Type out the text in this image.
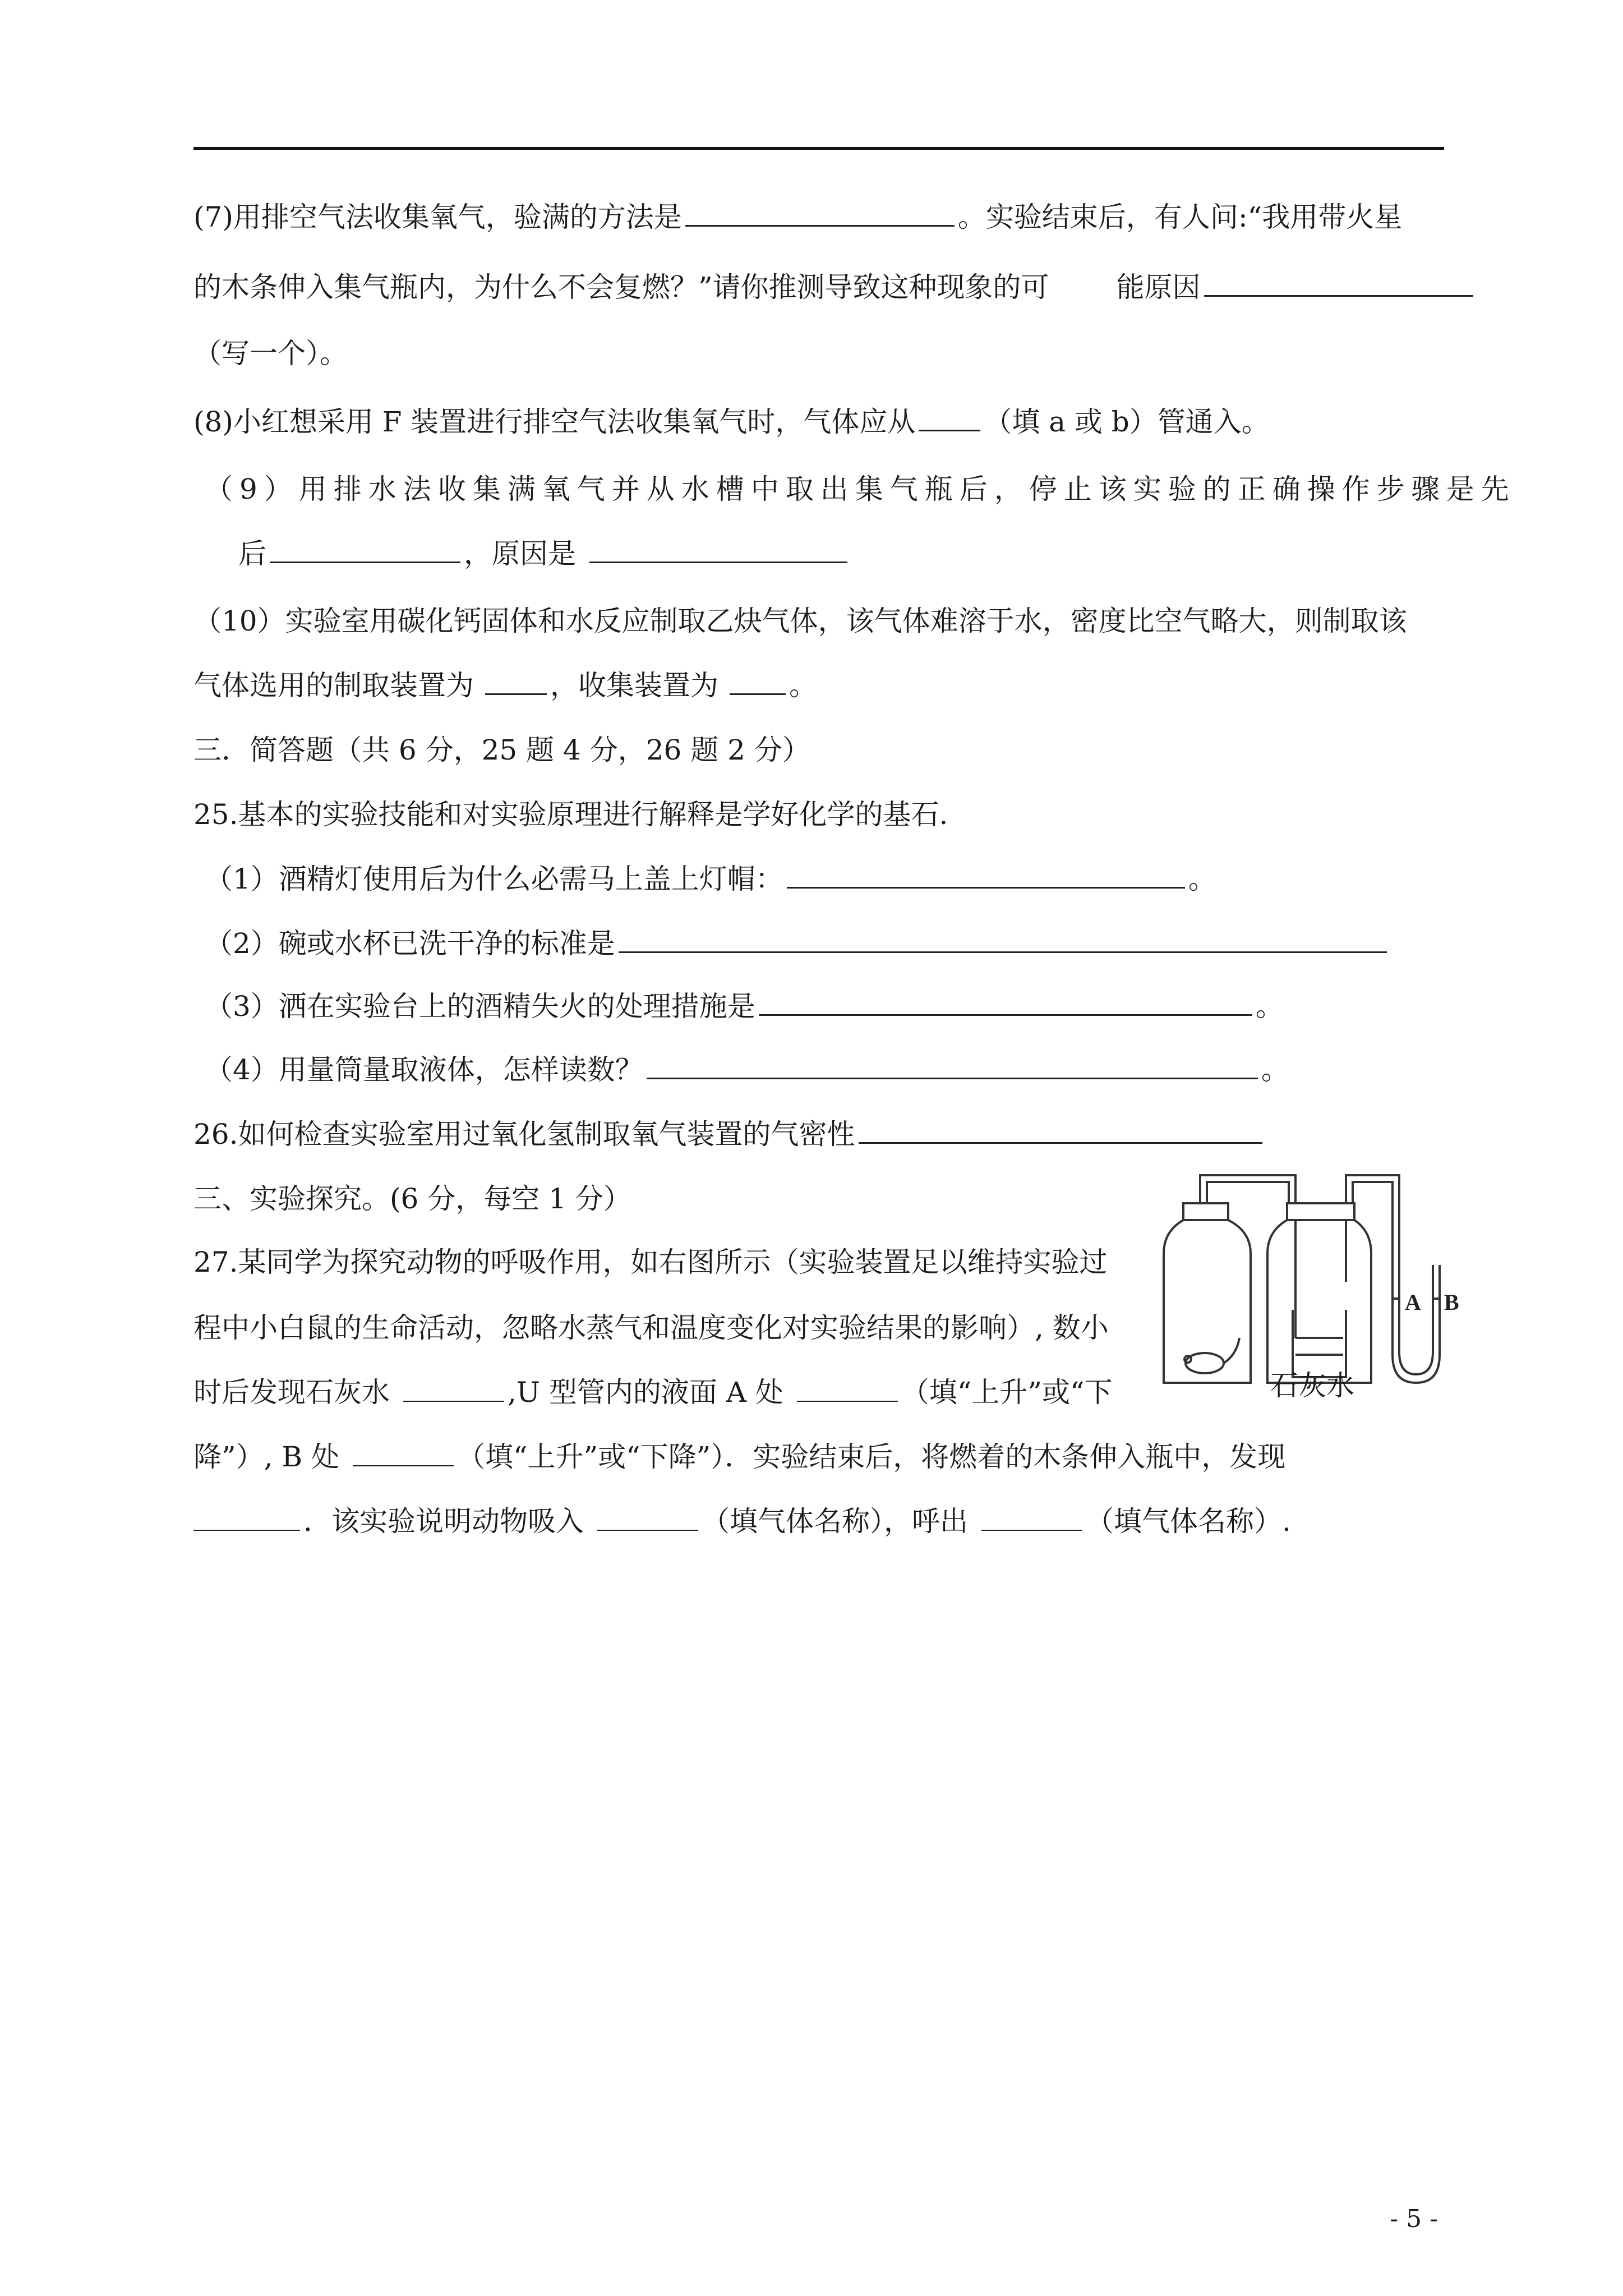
(7)用排空气法收集氧气，验满的方法是	。实验结束后，有人问:“我用带火星
的木条伸入集气瓶内，为什么不会复燃？”请你推测导致这种现象的可 能原因
（写一个）。
(8)小红想采用 F 装置进行排空气法收集氧气时，气体应从 （填 a 或 b）管通入。
（9）用排水法收集满氧气并从水槽中取出集气瓶后，停止该实验的正确操作步骤是先
后	，原因是
（10）实验室用碳化钙固体和水反应制取乙炔气体，该气体难溶于水，密度比空气略大，则制取该
气体选用的制取装置为	，收集装置为	。
三．简答题（共 6 分，25 题 4 分，26 题 2 分）
25.基本的实验技能和对实验原理进行解释是学好化学的基石.
（1）酒精灯使用后为什么必需马上盖上灯帽：	。
（2）碗或水杯已洗干净的标准是
（3）洒在实验台上的酒精失火的处理措施是	。
（4）用量筒量取液体，怎样读数？	。
26.如何检查实验室用过氧化氢制取氧气装置的气密性
三、实验探究。(6 分，每空 1 分）
27.某同学为探究动物的呼吸作用，如右图所示（实验装置足以维持实验过
程中小白鼠的生命活动，忽略水蒸气和温度变化对实验结果的影响）, 数小
时后发现石灰水	,U 型管内的液面 A 处	（填“上升”或“下
降”）, B 处	（填“上升”或“下降”）．实验结束后，将燃着的木条伸入瓶中，发现
．该实验说明动物吸入	（填气体名称），呼出	（填气体名称）.
A B
石灰水
- 5 -
